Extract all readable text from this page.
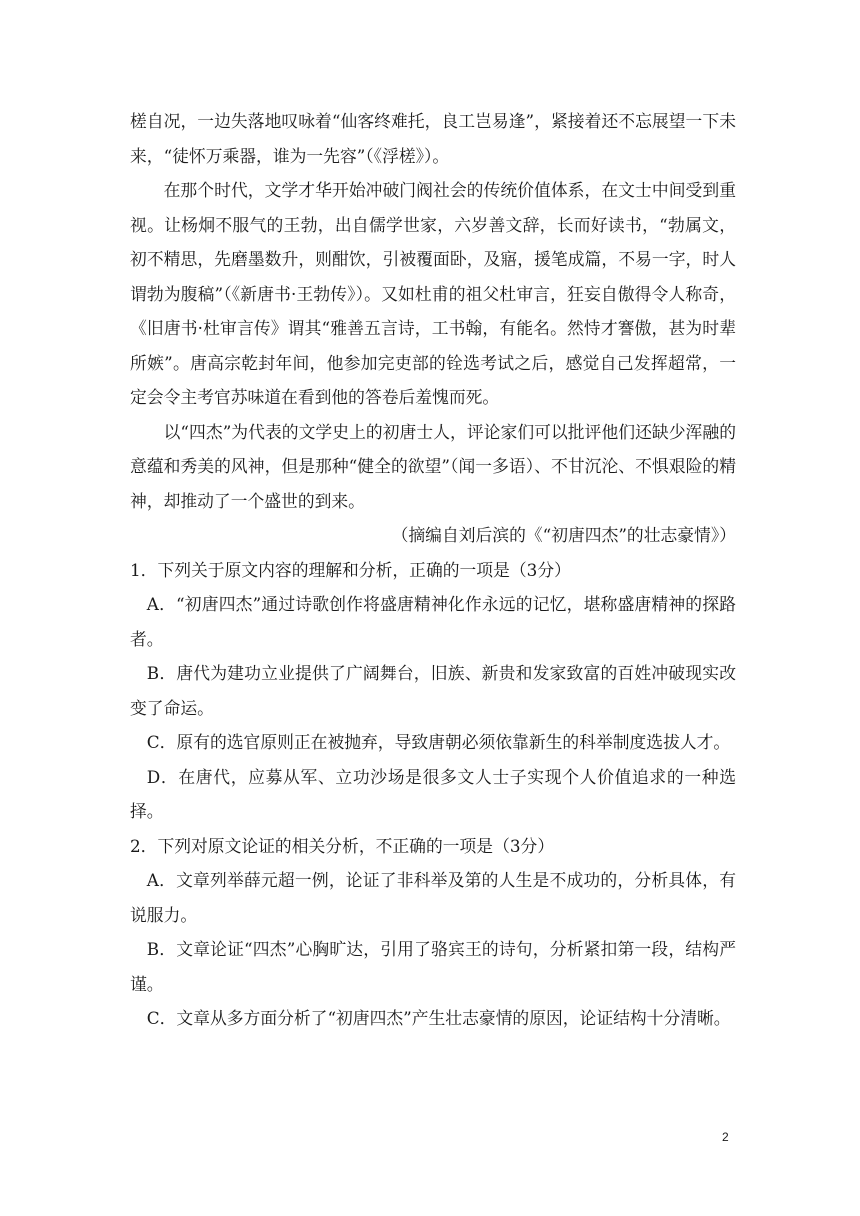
槎自况，一边失落地叹咏着“仙客终难托，良工岂易逢”，紧接着还不忘展望一下未来，“徒怀万乘器，谁为一先容”（《浮槎》）。

在那个时代，文学才华开始冲破门阀社会的传统价值体系，在文士中间受到重视。让杨炯不服气的王勃，出自儒学世家，六岁善文辞，长而好读书，“勃属文，初不精思，先磨墨数升，则酣饮，引被覆面卧，及寤，援笔成篇，不易一字，时人谓勃为腹稿”（《新唐书·王勃传》）。又如杜甫的祖父杜审言，狂妄自傲得令人称奇，《旧唐书·杜审言传》谓其“雅善五言诗，工书翰，有能名。然恃才謇傲，甚为时辈所嫉”。唐高宗乾封年间，他参加完吏部的铨选考试之后，感觉自己发挥超常，一定会令主考官苏味道在看到他的答卷后羞愧而死。

以“四杰”为代表的文学史上的初唐士人，评论家们可以批评他们还缺少浑融的意蕴和秀美的风神，但是那种“健全的欲望”（闻一多语）、不甘沉沦、不惧艰险的精神，却推动了一个盛世的到来。

（摘编自刘后滨的《“初唐四杰”的壮志豪情》）

1．下列关于原文内容的理解和分析，正确的一项是（3分）

A．“初唐四杰”通过诗歌创作将盛唐精神化作永远的记忆，堪称盛唐精神的探路者。

B．唐代为建功立业提供了广阔舞台，旧族、新贵和发家致富的百姓冲破现实改变了命运。

C．原有的选官原则正在被抛弃，导致唐朝必须依靠新生的科举制度选拔人才。

D．在唐代，应募从军、立功沙场是很多文人士子实现个人价值追求的一种选择。

2．下列对原文论证的相关分析，不正确的一项是（3分）

A．文章列举薛元超一例，论证了非科举及第的人生是不成功的，分析具体，有说服力。

B．文章论证“四杰”心胸旷达，引用了骆宾王的诗句，分析紧扣第一段，结构严谨。

C．文章从多方面分析了“初唐四杰”产生壮志豪情的原因，论证结构十分清晰。

2
